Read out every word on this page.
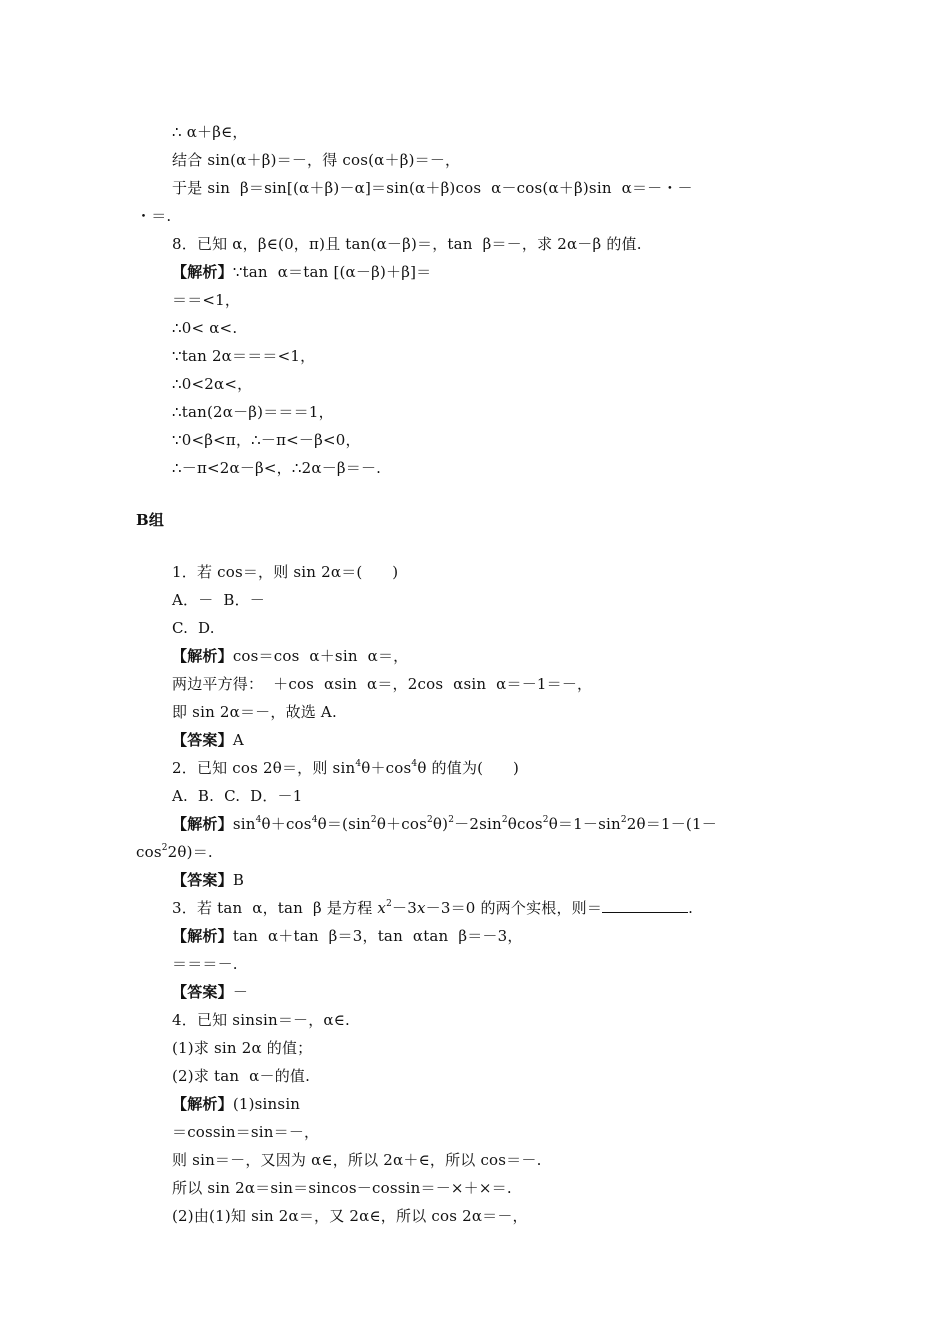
∴ α＋β∈，
结合 sin(α＋β)＝－，得 cos(α＋β)＝－，
于是 sin  β＝sin[(α＋β)－α]＝sin(α＋β)cos  α－cos(α＋β)sin  α＝－・－
・＝.
8．已知 α，β∈(0，π)且 tan(α－β)＝，tan  β＝－，求 2α－β 的值.
【解析】∵tan  α＝tan [(α－β)＋β]＝
＝＝<1，
∴0< α<.
∵tan 2α＝＝＝<1，
∴0<2α<，
∴tan(2α－β)＝＝＝1，
∵0<β<π，∴－π<－β<0，
∴－π<2α－β<，∴2α－β＝－.
B组
1．若 cos＝，则 sin 2α＝(      )
A．－  B．－
C.  D.
【解析】cos＝cos  α＋sin  α＝，
两边平方得：  ＋cos  αsin  α＝，2cos  αsin  α＝－1＝－，
即 sin 2α＝－，故选 A.
【答案】A
2．已知 cos 2θ＝，则 $\sin^4\theta+\cos^4\theta$ 的值为(      )
A.  B.  C.  D．－1
【解析】$\sin^4\theta+\cos^4\theta=(\sin^2\theta+\cos^2\theta)^2-2\sin^2\theta\cos^2\theta=1-\sin^22\theta=1-(1-$
$\cos^22\theta)=$.
【答案】B
3．若 tan  α，tan  β 是方程 $x^2-3x-3=0$ 的两个实根，则＝	.
【解析】tan  α＋tan  β＝3，tan  αtan  β＝－3，
＝＝＝－.
【答案】－
4．已知 sinsin＝－，α∈.
(1)求 sin 2α 的值；
(2)求 tan  α－的值.
【解析】(1)sinsin
＝cossin＝sin＝－，
则 sin＝－，又因为 α∈，所以 2α＋∈，所以 cos＝－.
所以 sin 2α＝sin＝sincos－cossin＝－×＋×＝.
(2)由(1)知 sin 2α＝，又 2α∈，所以 cos 2α＝－，
